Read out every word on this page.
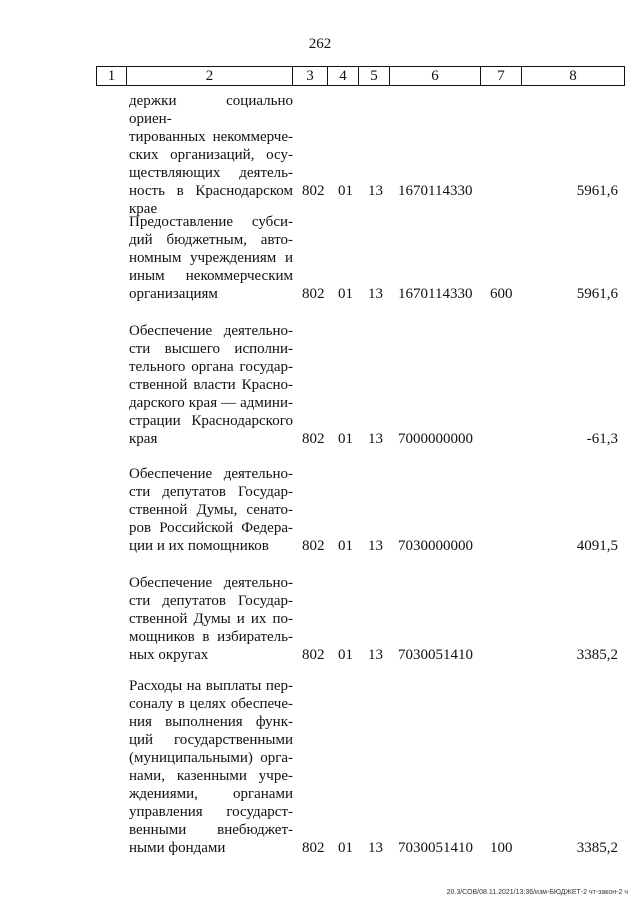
262
1	2	3	4	5	6	7	8
держки социально ориен-
тированных некоммерче-
ских организаций, осу-
ществляющих деятель-
ность в Краснодарском
крае
802 01 13 1670114330	5961,6
Предоставление субси-
дий бюджетным, авто-
номным учреждениям и
иным некоммерческим
организациям	802 01 13 1670114330 600	5961,6
Обеспечение деятельно-
сти высшего исполни-
тельного органа государ-
ственной власти Красно-
дарского края — админи-
страции Краснодарского
края	802 01 13 7000000000	-61,3
Обеспечение деятельно-
сти депутатов Государ-
ственной Думы, сенато-
ров Российской Федера-
ции и их помощников	802 01 13 7030000000	4091,5
Обеспечение деятельно-
сти депутатов Государ-
ственной Думы и их по-
мощников в избиратель-
ных округах	802 01 13 7030051410	3385,2
Расходы на выплаты пер-
соналу в целях обеспече-
ния выполнения функ-
ций государственными
(муниципальными) орга-
нами, казенными учре-
ждениями, органами
управления государст-
венными внебюджет-
ными фондами	802 01 13 7030051410 100	3385,2
20.3/СОВ/08.11.2021/13:36/изм-БЮДЖЕТ-2 чт-закон-2 ч
